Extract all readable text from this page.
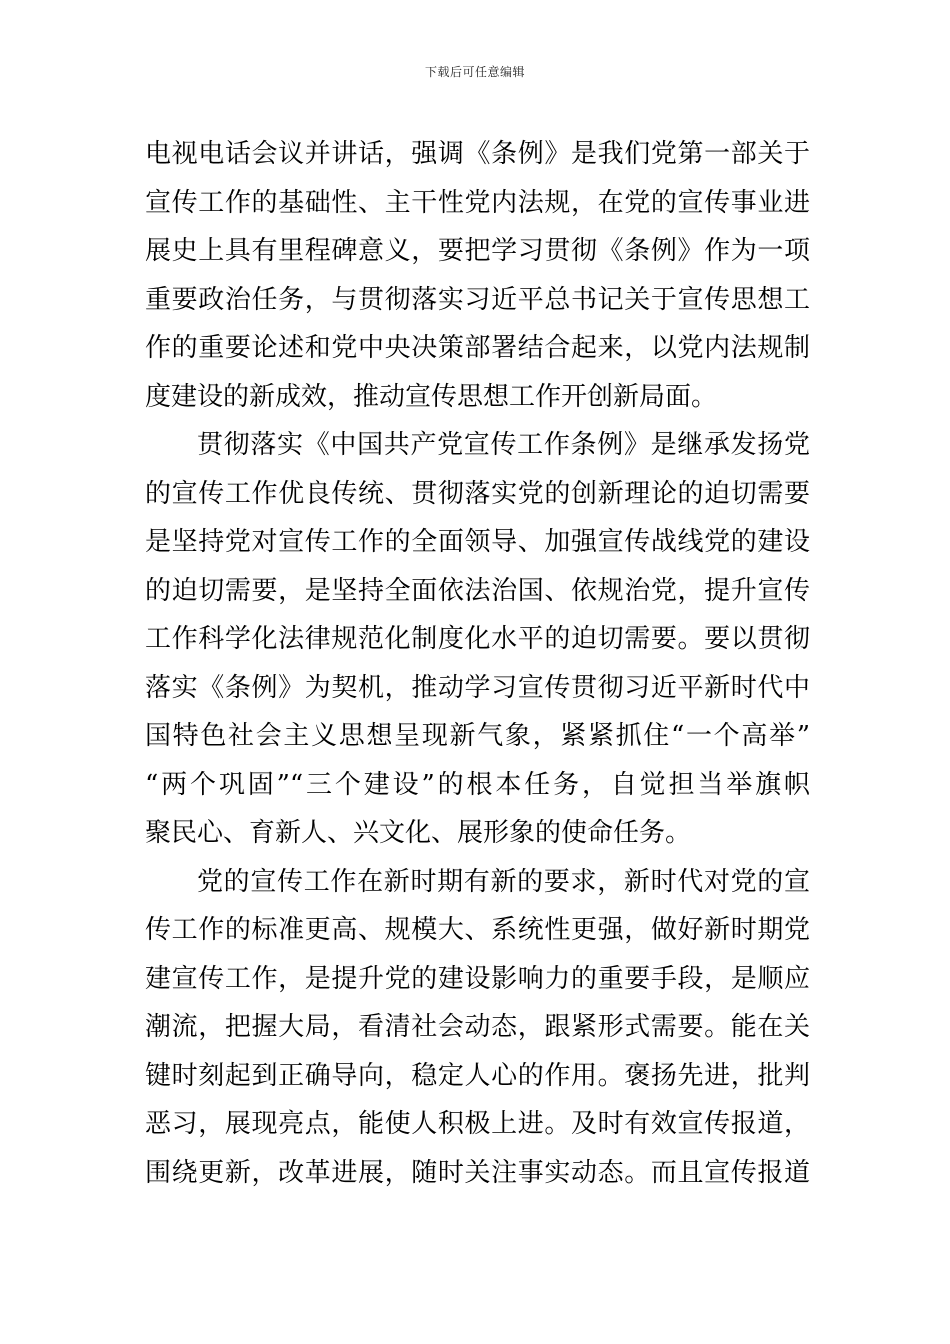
下载后可任意编辑
电视电话会议并讲话，强调《条例》是我们党第一部关于
宣传工作的基础性、主干性党内法规，在党的宣传事业进
展史上具有里程碑意义，要把学习贯彻《条例》作为一项
重要政治任务，与贯彻落实习近平总书记关于宣传思想工
作的重要论述和党中央决策部署结合起来，以党内法规制
度建设的新成效，推动宣传思想工作开创新局面。
贯彻落实《中国共产党宣传工作条例》是继承发扬党
的宣传工作优良传统、贯彻落实党的创新理论的迫切需要
是坚持党对宣传工作的全面领导、加强宣传战线党的建设
的迫切需要，是坚持全面依法治国、依规治党，提升宣传
工作科学化法律规范化制度化水平的迫切需要。要以贯彻
落实《条例》为契机，推动学习宣传贯彻习近平新时代中
国特色社会主义思想呈现新气象，紧紧抓住“一个高举”
“两个巩固”“三个建设”的根本任务，自觉担当举旗帜
聚民心、育新人、兴文化、展形象的使命任务。
党的宣传工作在新时期有新的要求，新时代对党的宣
传工作的标准更高、规模大、系统性更强，做好新时期党
建宣传工作，是提升党的建设影响力的重要手段，是顺应
潮流，把握大局，看清社会动态，跟紧形式需要。能在关
键时刻起到正确导向，稳定人心的作用。褒扬先进，批判
恶习，展现亮点，能使人积极上进。及时有效宣传报道，
围绕更新，改革进展，随时关注事实动态。而且宣传报道
